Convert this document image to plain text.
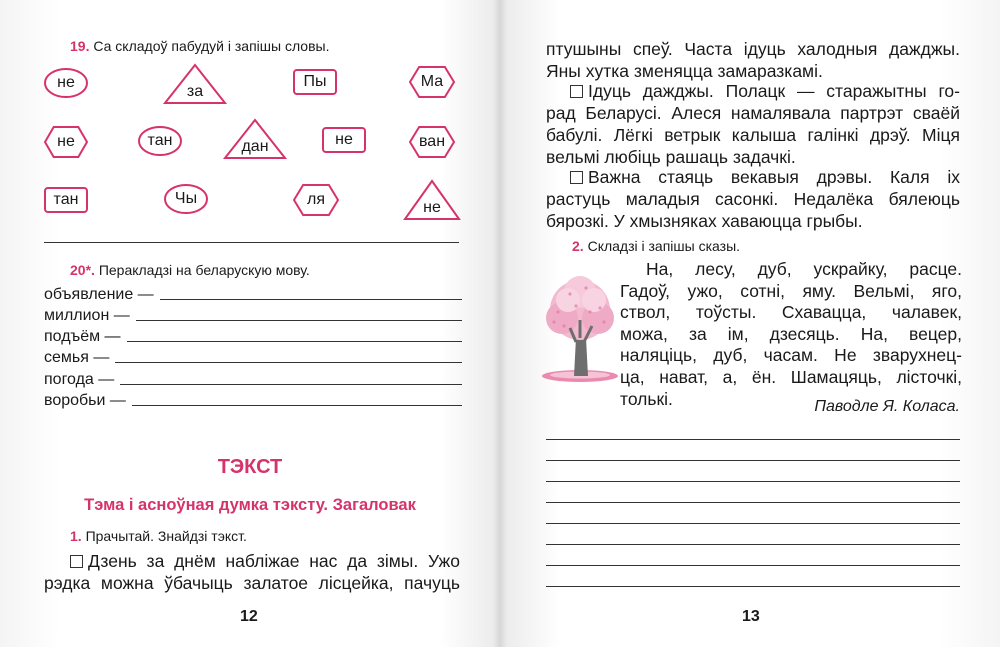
19. Са складоў пабудуй і запішы словы.
не
за
Пы	Ма
не	тан	дан	не	ван
тан	Чы	ля	не
20*. Перакладзі на беларускую мову.
объявление —
миллион —
подъём —
семья —
погода —
воробьи —
ТЭКСТ
Тэма і асноўная думка тэксту. Загаловак
1. Прачытай. Знайдзі тэкст.
Дзень за днём набліжае нас да зімы. Ужо
рэдка можна ўбачыць залатое лісцейка, пачуць
12
птушыны спеў. Часта ідуць халодныя дажджы.
Яны хутка зменяцца замаразкамі.
Ідуць дажджы. Полацк — старажытны го-
рад Беларусі. Алеся намалявала партрэт сваёй
бабулі. Лёгкі ветрык калыша галінкі дрэў. Міця
вельмі любіць рашаць задачкі.
Важна стаяць векавыя дрэвы. Каля іх
растуць маладыя сасонкі. Недалёка бялеюць
бярозкі. У хмызняках хаваюцца грыбы.
2. Складзі і запішы сказы.
На, лесу, дуб, ускрайку, расце.
Гадоў, ужо, сотні, яму. Вельмі, яго,
ствол, тоўсты. Схавацца, чалавек,
можа, за ім, дзесяць. На, вецер,
наляцiць, дуб, часам. Не зварухнец-
ца, нават, а, ён. Шамацяць, лісточкі,
толькі.	Паводле Я. Коласа.
13
